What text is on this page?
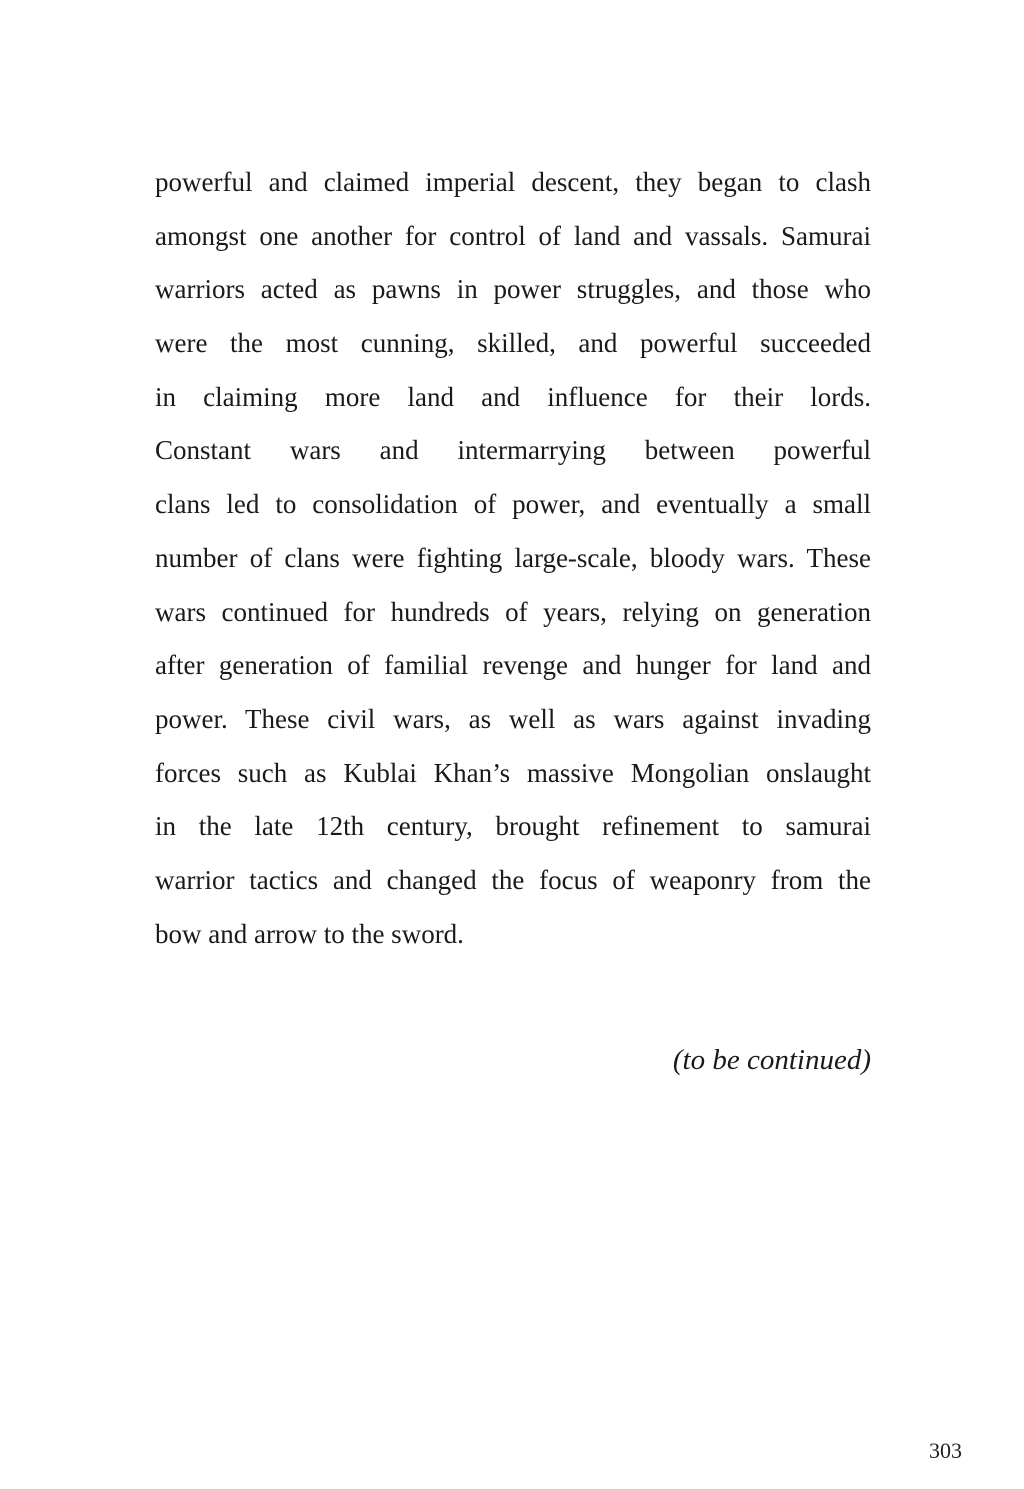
powerful and claimed imperial descent, they began to clash
amongst one another for control of land and vassals. Samurai
warriors acted as pawns in power struggles, and those who
were the most cunning, skilled, and powerful succeeded
in claiming more land and influence for their lords.
Constant wars and intermarrying between powerful
clans led to consolidation of power, and eventually a small
number of clans were fighting large-scale, bloody wars. These
wars continued for hundreds of years, relying on generation
after generation of familial revenge and hunger for land and
power. These civil wars, as well as wars against invading
forces such as Kublai Khan’s massive Mongolian onslaught
in the late 12th century, brought refinement to samurai
warrior tactics and changed the focus of weaponry from the
bow and arrow to the sword.
(to be continued)
303
